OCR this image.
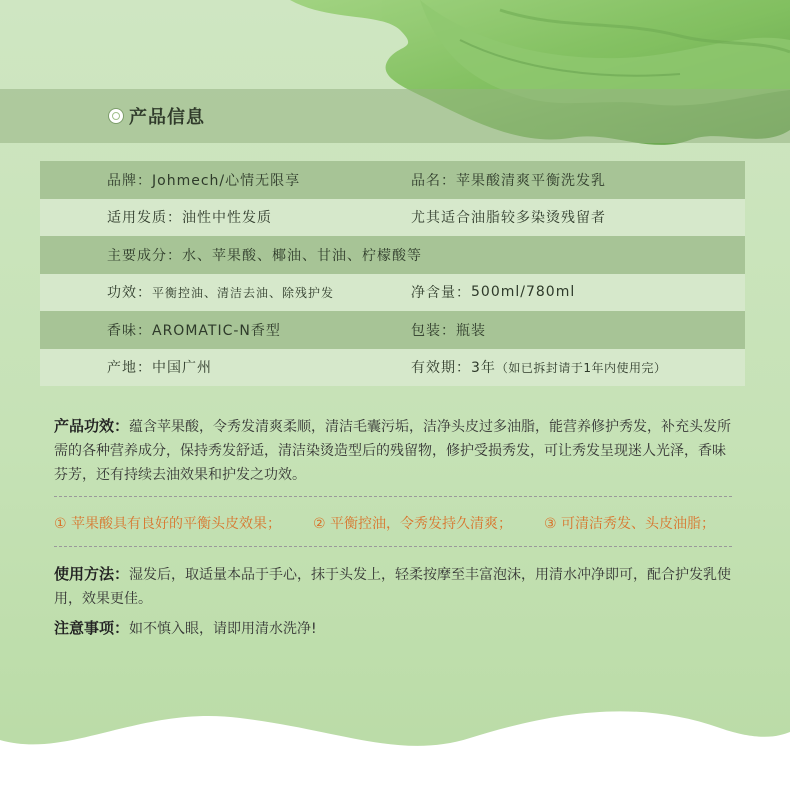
产品信息
品牌： Johmech/心情无限享	品名： 苹果酸清爽平衡洗发乳
适用发质： 油性中性发质	尤其适合油脂较多染烫残留者
主要成分： 水、苹果酸、椰油、甘油、柠檬酸等
功效： 平衡控油、清洁去油、除残护发	净含量： 500ml/780ml
香味： AROMATIC-N香型	包装： 瓶装
产地： 中国广州	有效期： 3年 （如已拆封请于1年内使用完）
产品功效：蕴含苹果酸，令秀发清爽柔顺，清洁毛囊污垢，洁净头皮过多油脂，能营养修护秀发，补充头发所需的各种营养成分，保持秀发舒适，清洁染烫造型后的残留物，修护受损秀发，可让秀发呈现迷人光泽，香味芬芳，还有持续去油效果和护发之功效。
① 苹果酸具有良好的平衡头皮效果； ② 平衡控油，令秀发持久清爽； ③ 可清洁秀发、头皮油脂；
使用方法：湿发后，取适量本品于手心，抹于头发上，轻柔按摩至丰富泡沫，用清水冲净即可，配合护发乳使用，效果更佳。
注意事项：如不慎入眼，请即用清水洗净!
